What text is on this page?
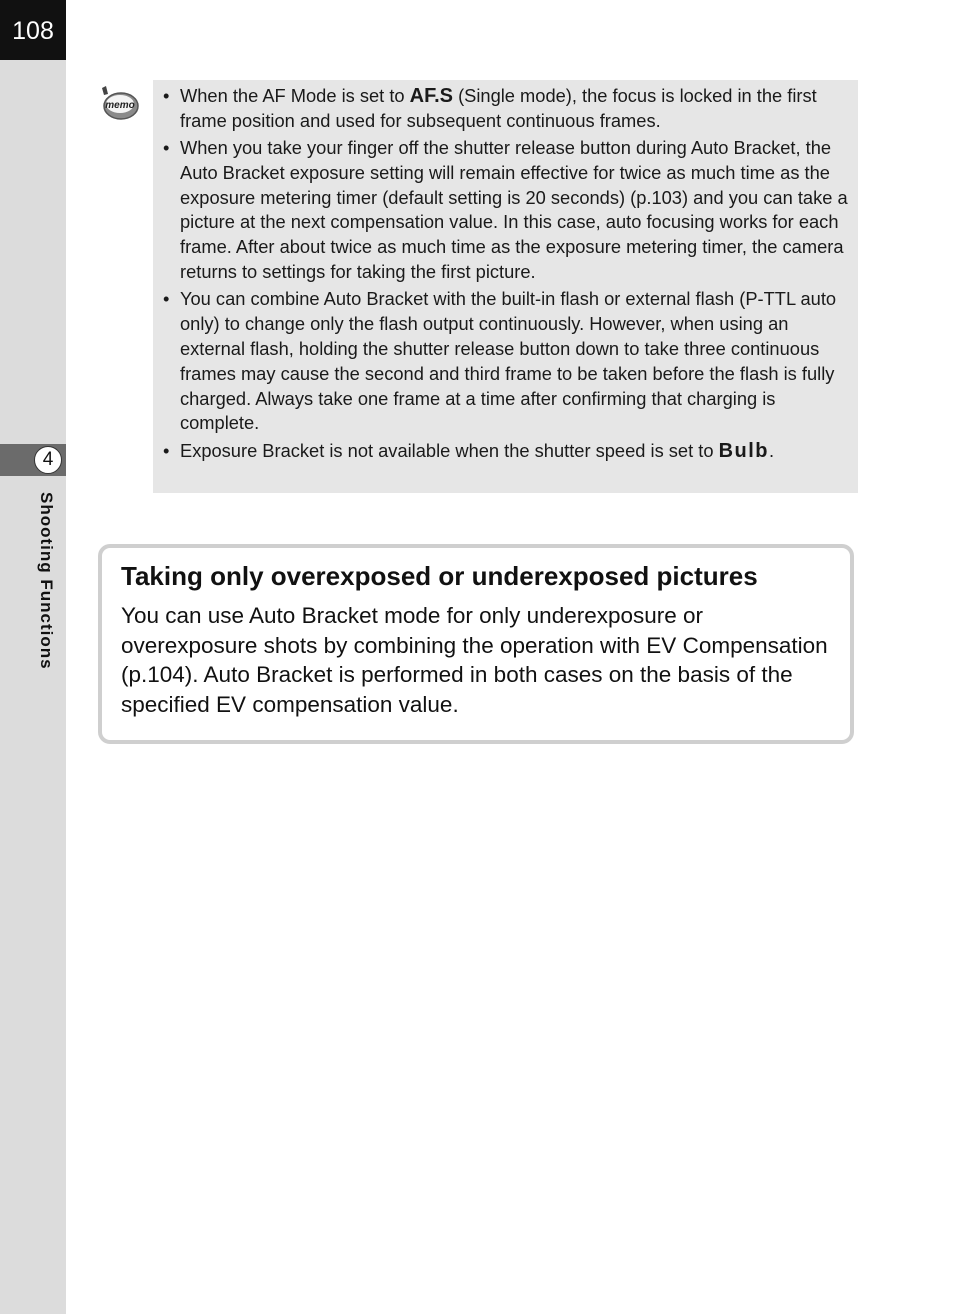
108
4
Shooting Functions
memo
•	When the AF Mode is set to AF.S (Single mode), the focus is locked in the first frame position and used for subsequent continuous frames.
• When you take your finger off the shutter release button during Auto Bracket, the Auto Bracket exposure setting will remain effective for twice as much time as the exposure metering timer (default setting is 20 seconds) (p.103) and you can take a picture at the next compensation value. In this case, auto focusing works for each frame. After about twice as much time as the exposure metering timer, the camera returns to settings for taking the first picture.
• You can combine Auto Bracket with the built-in flash or external flash (P-TTL auto only) to change only the flash output continuously. However, when using an external flash, holding the shutter release button down to take three continuous frames may cause the second and third frame to be taken before the flash is fully charged. Always take one frame at a time after confirming that charging is complete.
• Exposure Bracket is not available when the shutter speed is set to Bulb.
Taking only overexposed or underexposed pictures

You can use Auto Bracket mode for only underexposure or overexposure shots by combining the operation with EV Compensation (p.104). Auto Bracket is performed in both cases on the basis of the specified EV compensation value.
